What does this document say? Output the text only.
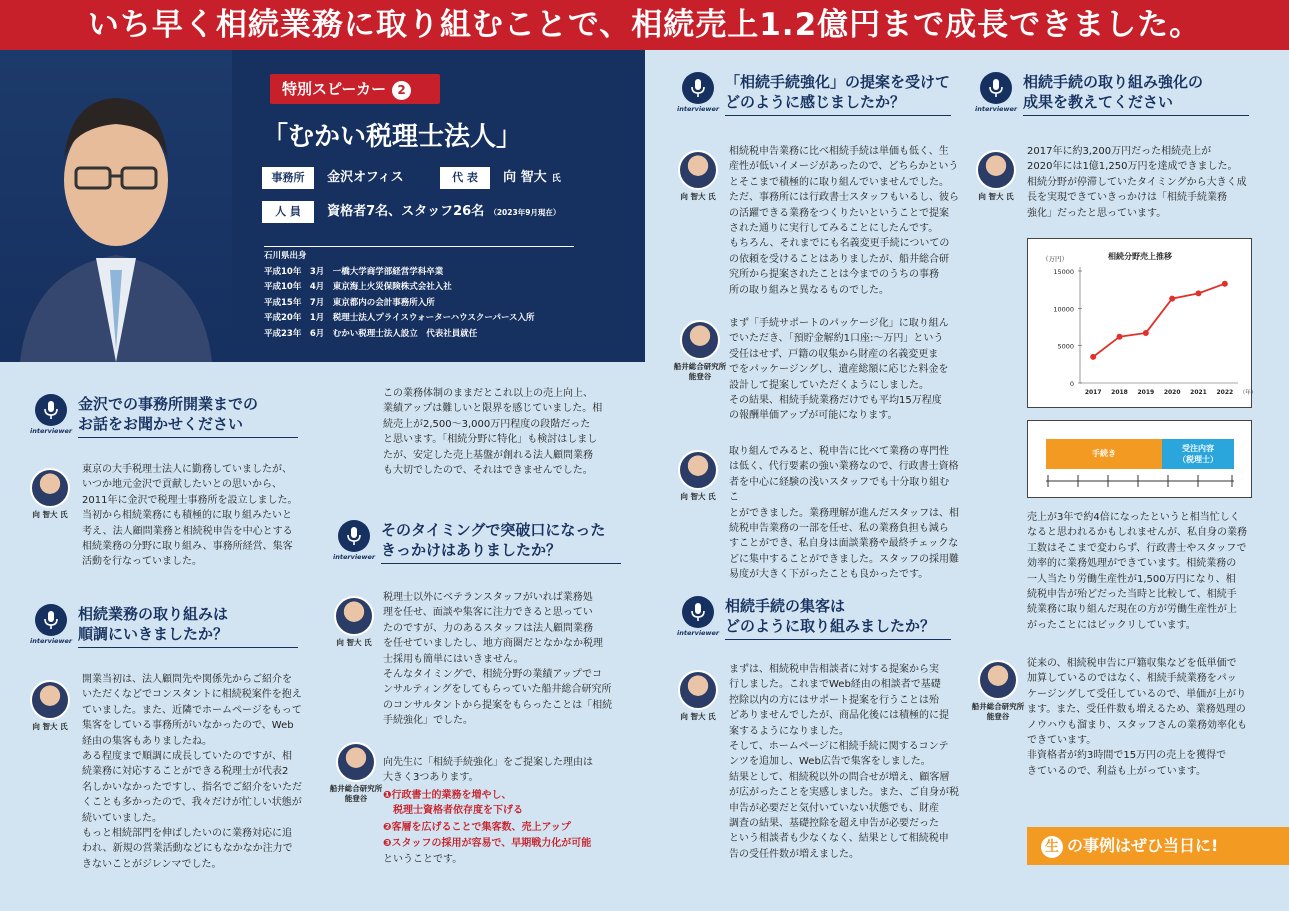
いち早く相続業務に取り組むことで、相続売上1.2億円まで成長できました。
特別スピーカー 2
「むかい税理士法人」
事務所 金沢オフィス	代 表 向 智大 氏
人 員 資格者7名、スタッフ26名 （2023年9月現在）
石川県出身
平成10年　3月　一橋大学商学部経営学科卒業
平成10年　4月　東京海上火災保険株式会社入社
平成15年　7月　東京都内の会計事務所入所
平成20年　1月　税理士法人プライスウォーターハウスクーパース入所
平成23年　6月　むかい税理士法人設立　代表社員就任
interviewer
金沢での事務所開業までの
お話をお聞かせください
向 智大 氏
東京の大手税理士法人に勤務していましたが、
いつか地元金沢で貢献したいとの思いから、
2011年に金沢で税理士事務所を設立しました。
当初から相続業務にも積極的に取り組みたいと
考え、法人顧問業務と相続税申告を中心とする
相続業務の分野に取り組み、事務所経営、集客
活動を行なっていました。
interviewer
相続業務の取り組みは
順調にいきましたか？
向 智大 氏
開業当初は、法人顧問先や関係先からご紹介を
いただくなどでコンスタントに相続税案件を抱え
ていました。また、近隣でホームページをもって
集客をしている事務所がいなかったので、Web
経由の集客もありましたね。
ある程度まで順調に成長していたのですが、相
続業務に対応することができる税理士が代表2
名しかいなかったですし、指名でご紹介をいただ
くことも多かったので、我々だけが忙しい状態が
続いていました。
もっと相続部門を伸ばしたいのに業務対応に追
われ、新規の営業活動などにもなかなか注力で
きないことがジレンマでした。
この業務体制のままだとこれ以上の売上向上、
業績アップは難しいと限界を感じていました。相
続売上が2,500～3,000万円程度の段階だった
と思います。「相続分野に特化」も検討はしまし
たが、安定した売上基盤が創れる法人顧問業務
も大切でしたので、それはできませんでした。
interviewer
そのタイミングで突破口になった
きっかけはありましたか？
向 智大 氏
税理士以外にベテランスタッフがいれば業務処
理を任せ、面談や集客に注力できると思ってい
たのですが、力のあるスタッフは法人顧問業務
を任せていましたし、地方商圏だとなかなか税理
士採用も簡単にはいきません。
そんなタイミングで、相続分野の業績アップでコ
ンサルティングをしてもらっていた船井総合研究所
のコンサルタントから提案をもらったことは「相続
手続強化」でした。
船井総合研究所
能登谷
向先生に「相続手続強化」をご提案した理由は
大きく3つあります。
❶行政書士的業務を増やし、
　税理士資格者依存度を下げる
❷客層を広げることで集客数、売上アップ
❸スタッフの採用が容易で、早期戦力化が可能
ということです。
interviewer
「相続手続強化」の提案を受けて
どのように感じましたか？
向 智大 氏
相続税申告業務に比べ相続手続は単価も低く、生
産性が低いイメージがあったので、どちらかという
とそこまで積極的に取り組んでいませんでした。
ただ、事務所には行政書士スタッフもいるし、彼ら
の活躍できる業務をつくりたいということで提案
された通りに実行してみることにしたんです。
もちろん、それまでにも名義変更手続についての
の依頼を受けることはありましたが、船井総合研
究所から提案されたことは今までのうちの事務
所の取り組みと異なるものでした。
船井総合研究所
能登谷
まず「手続サポートのパッケージ化」に取り組ん
でいただき、「預貯金解約1口座:～万円」という
受任はせず、戸籍の収集から財産の名義変更ま
でをパッケージングし、遺産総額に応じた料金を
設計して提案していただくようにしました。
その結果、相続手続業務だけでも平均15万程度
の報酬単価アップが可能になります。
向 智大 氏
取り組んでみると、税申告に比べて業務の専門性
は低く、代行要素の強い業務なので、行政書士資格
者を中心に経験の浅いスタッフでも十分取り組むこ
とができました。業務理解が進んだスタッフは、相
続税申告業務の一部を任せ、私の業務負担も減ら
すことができ、私自身は面談業務や最終チェックな
どに集中することができました。スタッフの採用難
易度が大きく下がったことも良かったです。
interviewer
相続手続の集客は
どのように取り組みましたか？
向 智大 氏
まずは、相続税申告相談者に対する提案から実
行しました。これまでWeb経由の相談者で基礎
控除以内の方にはサポート提案を行うことは殆
どありませんでしたが、商品化後には積極的に提
案するようになりました。
そして、ホームページに相続手続に関するコンテ
ンツを追加し、Web広告で集客をしました。
結果として、相続税以外の問合せが増え、顧客層
が広がったことを実感しました。また、ご自身が税
申告が必要だと気付いていない状態でも、財産
調査の結果、基礎控除を超え申告が必要だった
という相談者も少なくなく、結果として相続税申
告の受任件数が増えました。
interviewer
相続手続の取り組み強化の
成果を教えてください
向 智大 氏
2017年に約3,200万円だった相続売上が
2020年には1億1,250万円を達成できました。
相続分野が停滞していたタイミングから大きく成
長を実現できていきっかけは「相続手続業務
強化」だったと思っています。
相続分野売上推移
（万円）
15000
10000
5000
0
2017 2018 2019 2020 2021 2022 （年）
手続き
受注内容
（税理士）
売上が3年で約4倍になったというと相当忙しく
なると思われるかもしれませんが、私自身の業務
工数はそこまで変わらず、行政書士やスタッフで
効率的に業務処理ができています。相続業務の
一人当たり労働生産性が1,500万円になり、相
続税申告が殆どだった当時と比較して、相続手
続業務に取り組んだ現在の方が労働生産性が上
がったことにはビックリしています。
船井総合研究所
能登谷
従来の、相続税申告に戸籍収集などを低単価で
加算しているのではなく、相続手続業務をパッ
ケージングして受任しているので、単価が上がり
ます。また、受任件数も増えるため、業務処理の
ノウハウも溜まり、スタッフさんの業務効率化も
できています。
非資格者が約3時間で15万円の売上を獲得で
きているので、利益も上がっています。
生 の事例はぜひ当日に!
